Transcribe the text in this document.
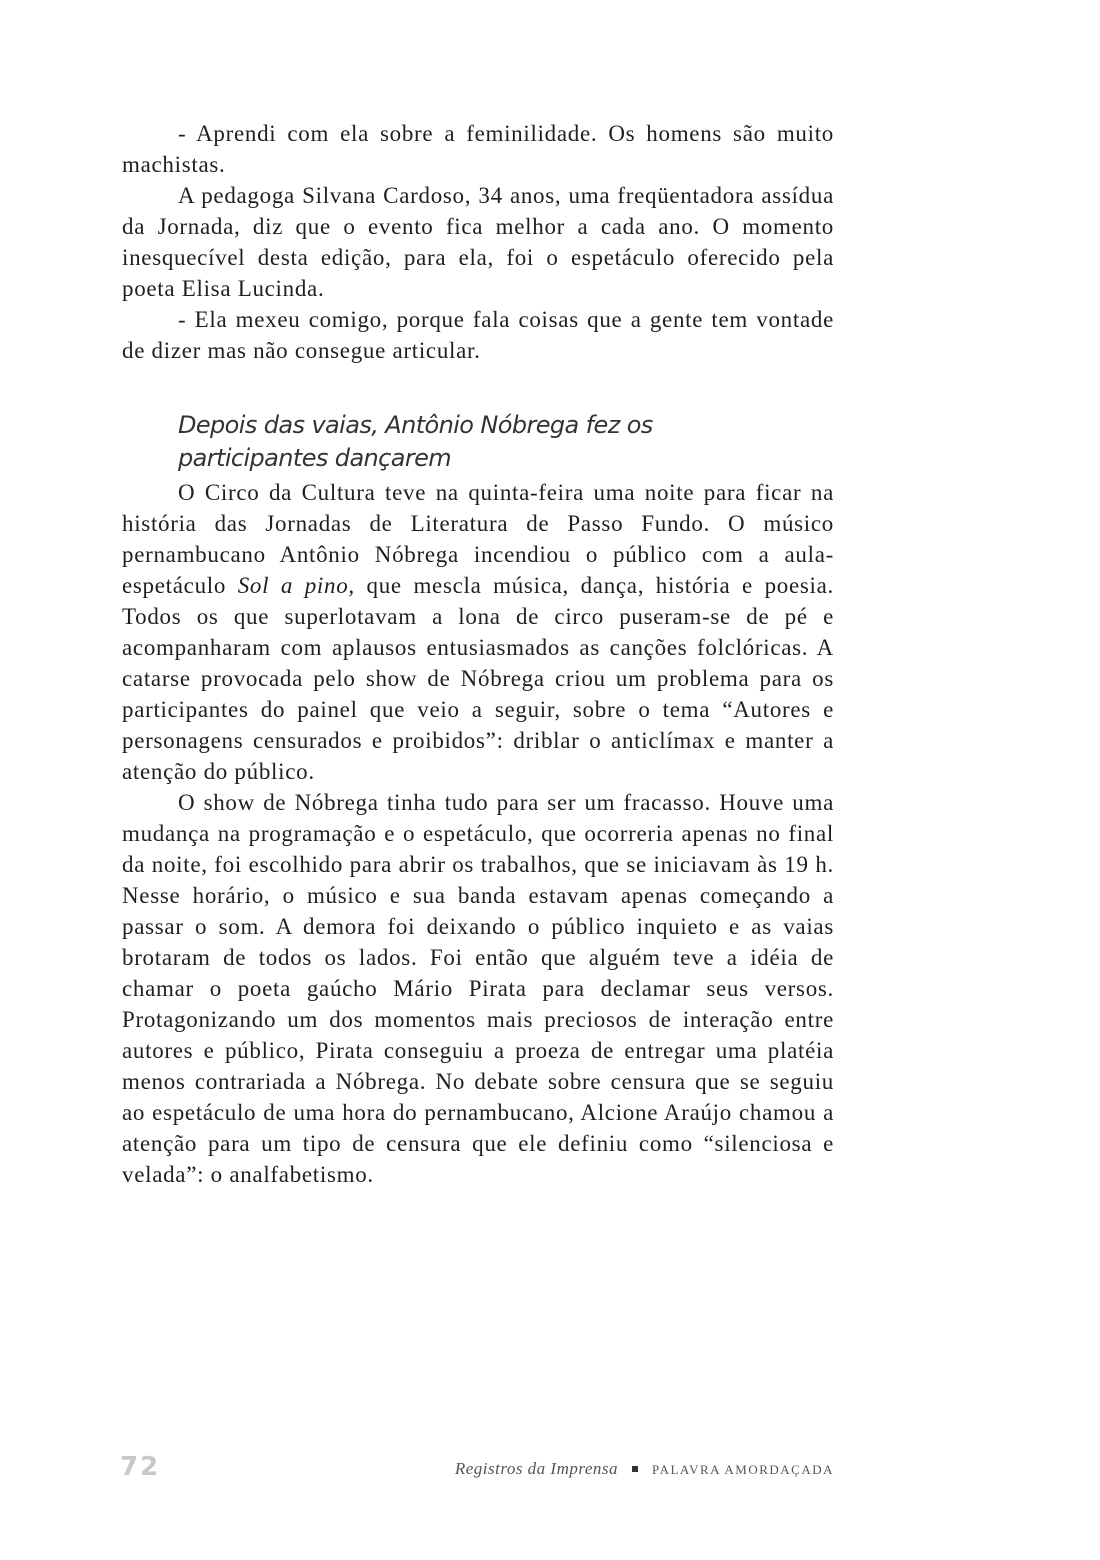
- Aprendi com ela sobre a feminilidade. Os homens são muito machistas.

A pedagoga Silvana Cardoso, 34 anos, uma freqüentadora assídua da Jornada, diz que o evento fica melhor a cada ano. O momento inesquecível desta edição, para ela, foi o espetáculo oferecido pela poeta Elisa Lucinda.

- Ela mexeu comigo, porque fala coisas que a gente tem vontade de dizer mas não consegue articular.

Depois das vaias, Antônio Nóbrega fez os participantes dançarem

O Circo da Cultura teve na quinta-feira uma noite para ficar na história das Jornadas de Literatura de Passo Fundo. O músico pernambucano Antônio Nóbrega incendiou o público com a aula-espetáculo Sol a pino, que mescla música, dança, história e poesia. Todos os que superlotavam a lona de circo puseram-se de pé e acompanharam com aplausos entusiasmados as canções folclóricas. A catarse provocada pelo show de Nóbrega criou um problema para os participantes do painel que veio a seguir, sobre o tema “Autores e personagens censurados e proibidos”: driblar o anticlímax e manter a atenção do público.

O show de Nóbrega tinha tudo para ser um fracasso. Houve uma mudança na programação e o espetáculo, que ocorreria apenas no final da noite, foi escolhido para abrir os trabalhos, que se iniciavam às 19 h. Nesse horário, o músico e sua banda estavam apenas começando a passar o som. A demora foi deixando o público inquieto e as vaias brotaram de todos os lados. Foi então que alguém teve a idéia de chamar o poeta gaúcho Mário Pirata para declamar seus versos. Protagonizando um dos momentos mais preciosos de interação entre autores e público, Pirata conseguiu a proeza de entregar uma platéia menos contrariada a Nóbrega. No debate sobre censura que se seguiu ao espetáculo de uma hora do pernambucano, Alcione Araújo chamou a atenção para um tipo de censura que ele definiu como “silenciosa e velada”: o analfabetismo.

72	Registros da Imprensa	PALAVRA AMORDAÇADA
